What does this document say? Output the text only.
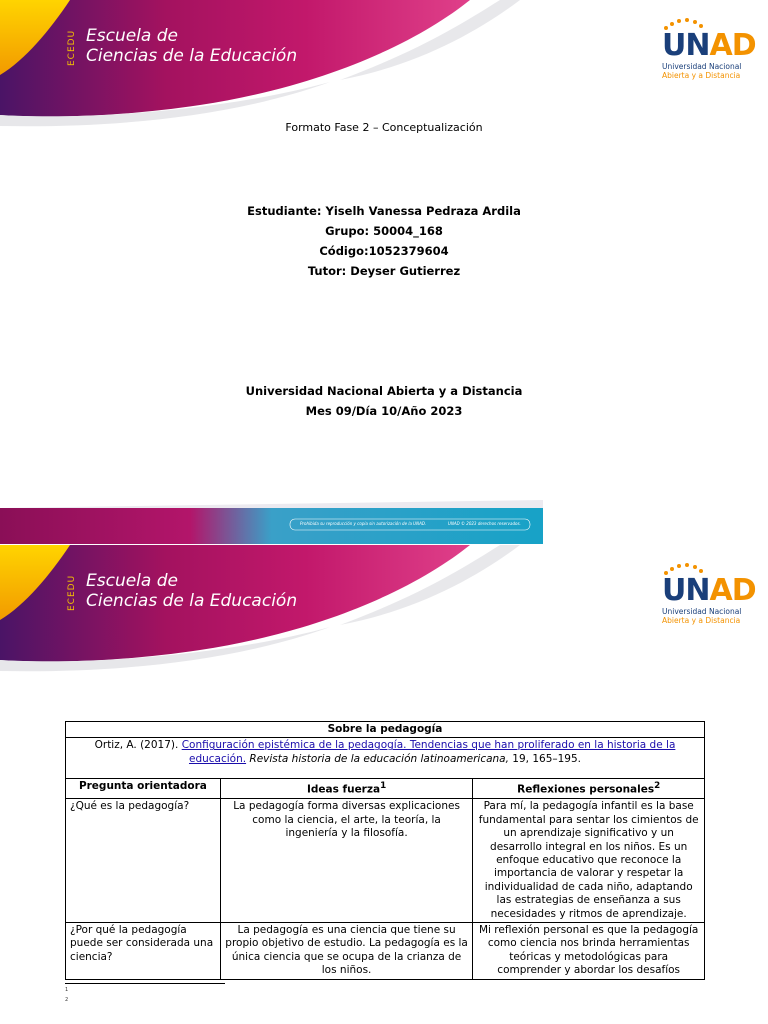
ECEDU Escuela de
Ciencias de la Educación	UNAD
Universidad Nacional
Abierta y a Distancia
Formato Fase 2 – Conceptualización
Estudiante: Yiselh Vanessa Pedraza Ardila
Grupo: 50004_168
Código:1052379604
Tutor: Deyser Gutierrez
Universidad Nacional Abierta y a Distancia
Mes 09/Día 10/Año 2023
Prohibida su reproducción y copia sin autorización de la UNAD.	UNAD © 2023 derechos reservados.
ECEDU Escuela de
Ciencias de la Educación	UNAD
Universidad Nacional
Abierta y a Distancia
Sobre la pedagogía		
Ortiz, A. (2017). Configuración epistémica de la pedagogía. Tendencias que han proliferado en la historia de la educación. Revista historia de la educación latinoamericana, 19, 165–195.		
Pregunta orientadora	Ideas fuerza$^1$	Reflexiones personales$^2$
¿Qué es la pedagogía?	La pedagogía forma diversas explicaciones como la ciencia, el arte, la teoría, la ingeniería y la filosofía.	Para mí, la pedagogía infantil es la base fundamental para sentar los cimientos de un aprendizaje significativo y un desarrollo integral en los niños. Es un enfoque educativo que reconoce la importancia de valorar y respetar la individualidad de cada niño, adaptando las estrategias de enseñanza a sus necesidades y ritmos de aprendizaje.
¿Por qué la pedagogía puede ser considerada una ciencia?	La pedagogía es una ciencia que tiene su propio objetivo de estudio. La pedagogía es la única ciencia que se ocupa de la crianza de los niños.	Mi reflexión personal es que la pedagogía como ciencia nos brinda herramientas teóricas y metodológicas para comprender y abordar los desafíos
1
2
